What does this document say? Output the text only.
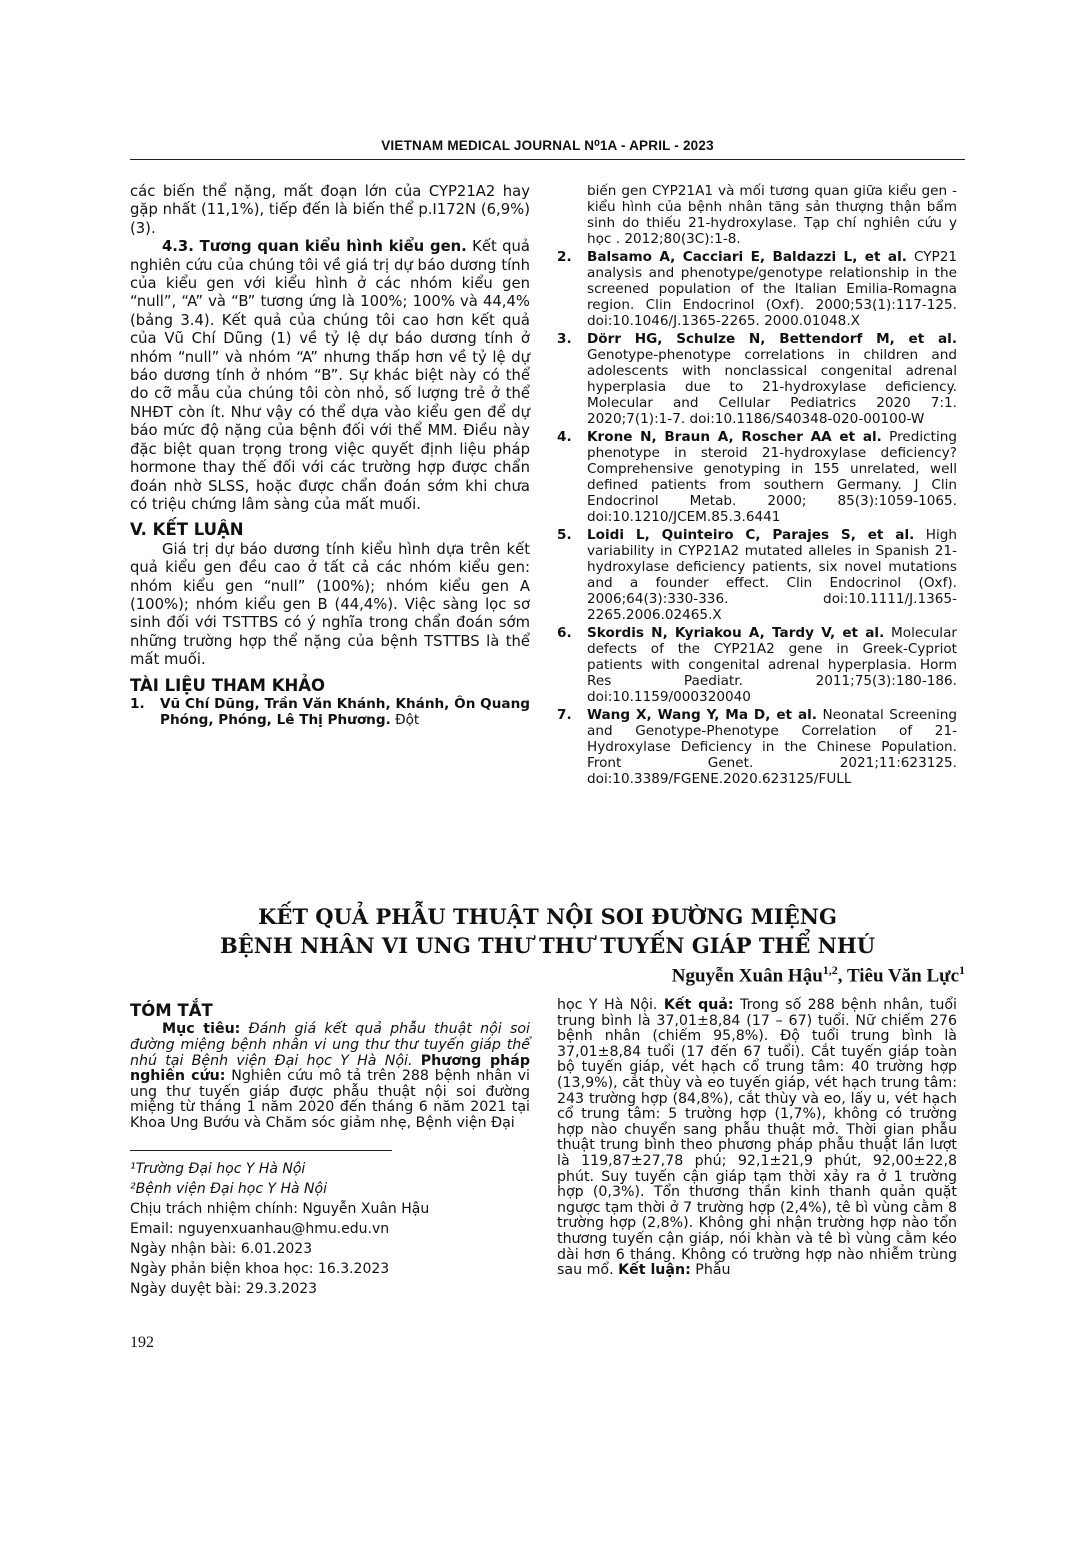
VIETNAM MEDICAL JOURNAL N⁰1A - APRIL - 2023

các biến thể nặng, mất đoạn lớn của CYP21A2 hay gặp nhất (11,1%), tiếp đến là biến thể p.I172N (6,9%) (3).

4.3. Tương quan kiểu hình kiểu gen. Kết quả nghiên cứu của chúng tôi về giá trị dự báo dương tính của kiểu gen với kiểu hình ở các nhóm kiểu gen “null”, “A” và “B” tương ứng là 100%; 100% và 44,4% (bảng 3.4). Kết quả của chúng tôi cao hơn kết quả của Vũ Chí Dũng (1) về tỷ lệ dự báo dương tính ở nhóm “null” và nhóm “A” nhưng thấp hơn về tỷ lệ dự báo dương tính ở nhóm “B”. Sự khác biệt này có thể do cỡ mẫu của chúng tôi còn nhỏ, số lượng trẻ ở thể NHĐT còn ít. Như vậy có thể dựa vào kiểu gen để dự báo mức độ nặng của bệnh đối với thể MM. Điều này đặc biệt quan trọng trong việc quyết định liệu pháp hormone thay thế đối với các trường hợp được chẩn đoán nhờ SLSS, hoặc được chẩn đoán sớm khi chưa có triệu chứng lâm sàng của mất muối.

V. KẾT LUẬN

Giá trị dự báo dương tính kiểu hình dựa trên kết quả kiểu gen đều cao ở tất cả các nhóm kiểu gen: nhóm kiểu gen “null” (100%); nhóm kiểu gen A (100%); nhóm kiểu gen B (44,4%). Việc sàng lọc sơ sinh đối với TSTTBS có ý nghĩa trong chẩn đoán sớm những trường hợp thể nặng của bệnh TSTTBS là thể mất muối.

TÀI LIỆU THAM KHẢO
1.	Vũ Chí Dũng, Trần Văn Khánh, Khánh, Ôn Quang Phóng, Phóng, Lê Thị Phương. Đột
biến gen CYP21A1 và mối tương quan giữa kiểu gen - kiểu hình của bệnh nhân tăng sản thượng thận bẩm sinh do thiếu 21-hydroxylase. Tạp chí nghiên cứu y học . 2012;80(3C):1-8.
2.	Balsamo A, Cacciari E, Baldazzi L, et al. CYP21 analysis and phenotype/genotype relationship in the screened population of the Italian Emilia-Romagna region. Clin Endocrinol (Oxf). 2000;53(1):117-125. doi:10.1046/J.1365-2265. 2000.01048.X
3.	Dörr HG, Schulze N, Bettendorf M, et al. Genotype-phenotype correlations in children and adolescents with nonclassical congenital adrenal hyperplasia due to 21-hydroxylase deficiency. Molecular and Cellular Pediatrics 2020 7:1. 2020;7(1):1-7. doi:10.1186/S40348-020-00100-W
4.	Krone N, Braun A, Roscher AA et al. Predicting phenotype in steroid 21-hydroxylase deficiency? Comprehensive genotyping in 155 unrelated, well defined patients from southern Germany. J Clin Endocrinol Metab. 2000; 85(3):1059-1065. doi:10.1210/JCEM.85.3.6441
5.	Loidi L, Quinteiro C, Parajes S, et al. High variability in CYP21A2 mutated alleles in Spanish 21-hydroxylase deficiency patients, six novel mutations and a founder effect. Clin Endocrinol (Oxf). 2006;64(3):330-336. doi:10.1111/J.1365-2265.2006.02465.X
6.	Skordis N, Kyriakou A, Tardy V, et al. Molecular defects of the CYP21A2 gene in Greek-Cypriot patients with congenital adrenal hyperplasia. Horm Res Paediatr. 2011;75(3):180-186. doi:10.1159/000320040
7.	Wang X, Wang Y, Ma D, et al. Neonatal Screening and Genotype-Phenotype Correlation of 21-Hydroxylase Deficiency in the Chinese Population. Front Genet. 2021;11:623125. doi:10.3389/FGENE.2020.623125/FULL
KẾT QUẢ PHẪU THUẬT NỘI SOI ĐƯỜNG MIỆNG
BỆNH NHÂN VI UNG THƯ THƯ TUYẾN GIÁP THỂ NHÚ
Nguyễn Xuân Hậu$^{1,2}$, Tiêu Văn Lực$^1$
TÓM TẮT

Mục tiêu: Đánh giá kết quả phẫu thuật nội soi đường miệng bệnh nhân vi ung thư thư tuyến giáp thể nhú tại Bệnh viện Đại học Y Hà Nội. Phương pháp nghiên cứu: Nghiên cứu mô tả trên 288 bệnh nhân vi ung thư tuyến giáp được phẫu thuật nội soi đường miệng từ tháng 1 năm 2020 đến tháng 6 năm 2021 tại Khoa Ung Bướu và Chăm sóc giảm nhẹ, Bệnh viện Đại

¹Trường Đại học Y Hà Nội
²Bệnh viện Đại học Y Hà Nội
Chịu trách nhiệm chính: Nguyễn Xuân Hậu
Email: nguyenxuanhau@hmu.edu.vn
Ngày nhận bài: 6.01.2023
Ngày phản biện khoa học: 16.3.2023
Ngày duyệt bài: 29.3.2023

học Y Hà Nội. Kết quả: Trong số 288 bệnh nhân, tuổi trung bình là 37,01±8,84 (17 – 67) tuổi. Nữ chiếm 276 bệnh nhân (chiếm 95,8%). Độ tuổi trung bình là 37,01±8,84 tuổi (17 đến 67 tuổi). Cắt tuyến giáp toàn bộ tuyến giáp, vét hạch cổ trung tâm: 40 trường hợp (13,9%), cắt thùy và eo tuyến giáp, vét hạch trung tâm: 243 trường hợp (84,8%), cắt thùy và eo, lấy u, vét hạch cổ trung tâm: 5 trường hợp (1,7%), không có trường hợp nào chuyển sang phẫu thuật mở. Thời gian phẫu thuật trung bình theo phương pháp phẫu thuật lần lượt là 119,87±27,78 phú; 92,1±21,9 phút, 92,00±22,8 phút. Suy tuyến cận giáp tạm thời xảy ra ở 1 trường hợp (0,3%). Tổn thương thần kinh thanh quản quặt ngược tạm thời ở 7 trường hợp (2,4%), tê bì vùng cằm 8 trường hợp (2,8%). Không ghi nhận trường hợp nào tổn thương tuyến cận giáp, nói khàn và tê bì vùng cằm kéo dài hơn 6 tháng. Không có trường hợp nào nhiễm trùng sau mổ. Kết luận: Phẫu

192
